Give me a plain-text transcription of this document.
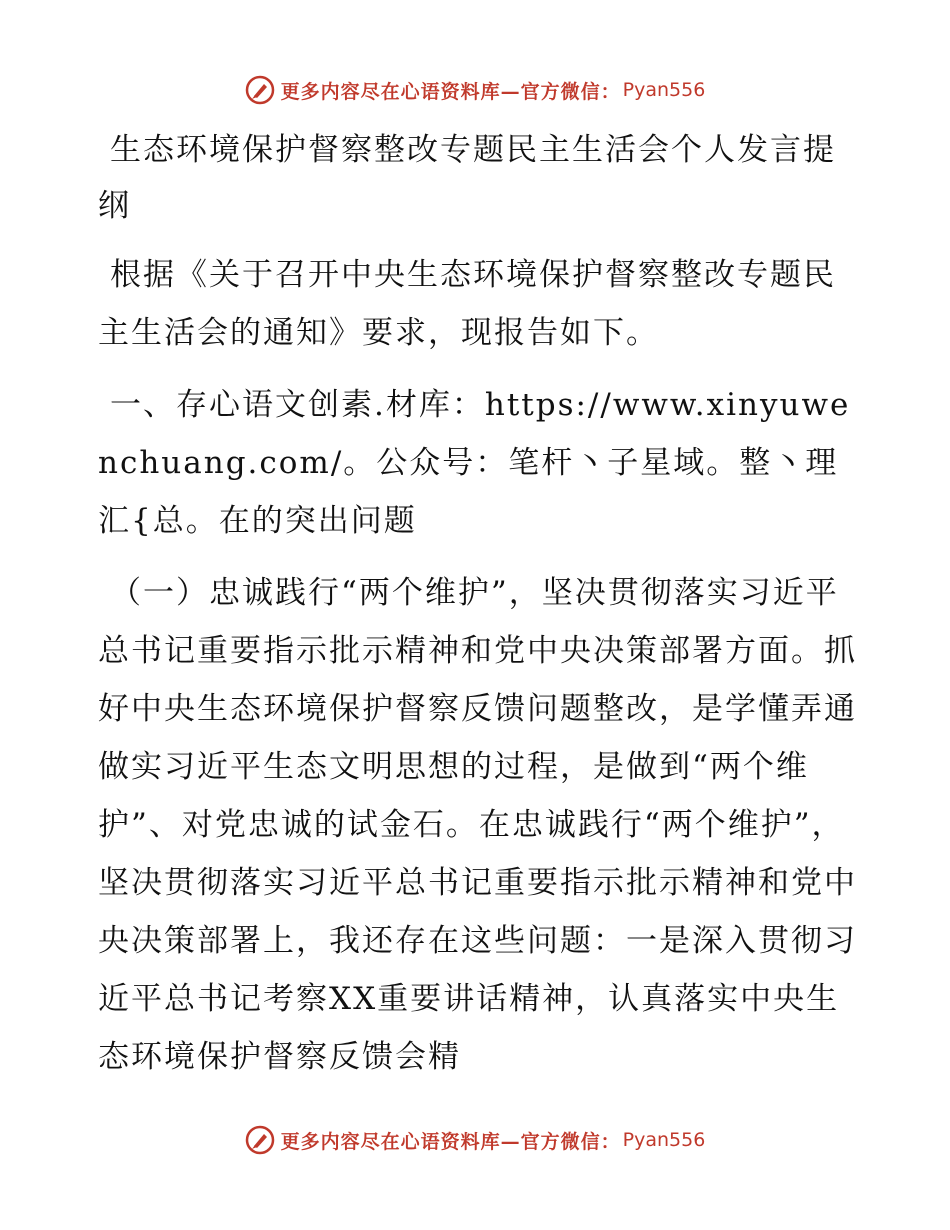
更多内容尽在心语资料库—官方微信： Pyan556

生态环境保护督察整改专题民主生活会个人发言提纲

根据《关于召开中央生态环境保护督察整改专题民主生活会的通知》要求，现报告如下。

一、存心语文创素.材库：https://www.xinyuwenchuang.com/。公众号：笔杆丶子星域。整丶理汇{总。在的突出问题

（一）忠诚践行“两个维护”，坚决贯彻落实习近平总书记重要指示批示精神和党中央决策部署方面。抓好中央生态环境保护督察反馈问题整改，是学懂弄通做实习近平生态文明思想的过程，是做到“两个维护”、对党忠诚的试金石。在忠诚践行“两个维护”，坚决贯彻落实习近平总书记重要指示批示精神和党中央决策部署上，我还存在这些问题：一是深入贯彻习近平总书记考察XX重要讲话精神，认真落实中央生态环境保护督察反馈会精

更多内容尽在心语资料库—官方微信： Pyan556
